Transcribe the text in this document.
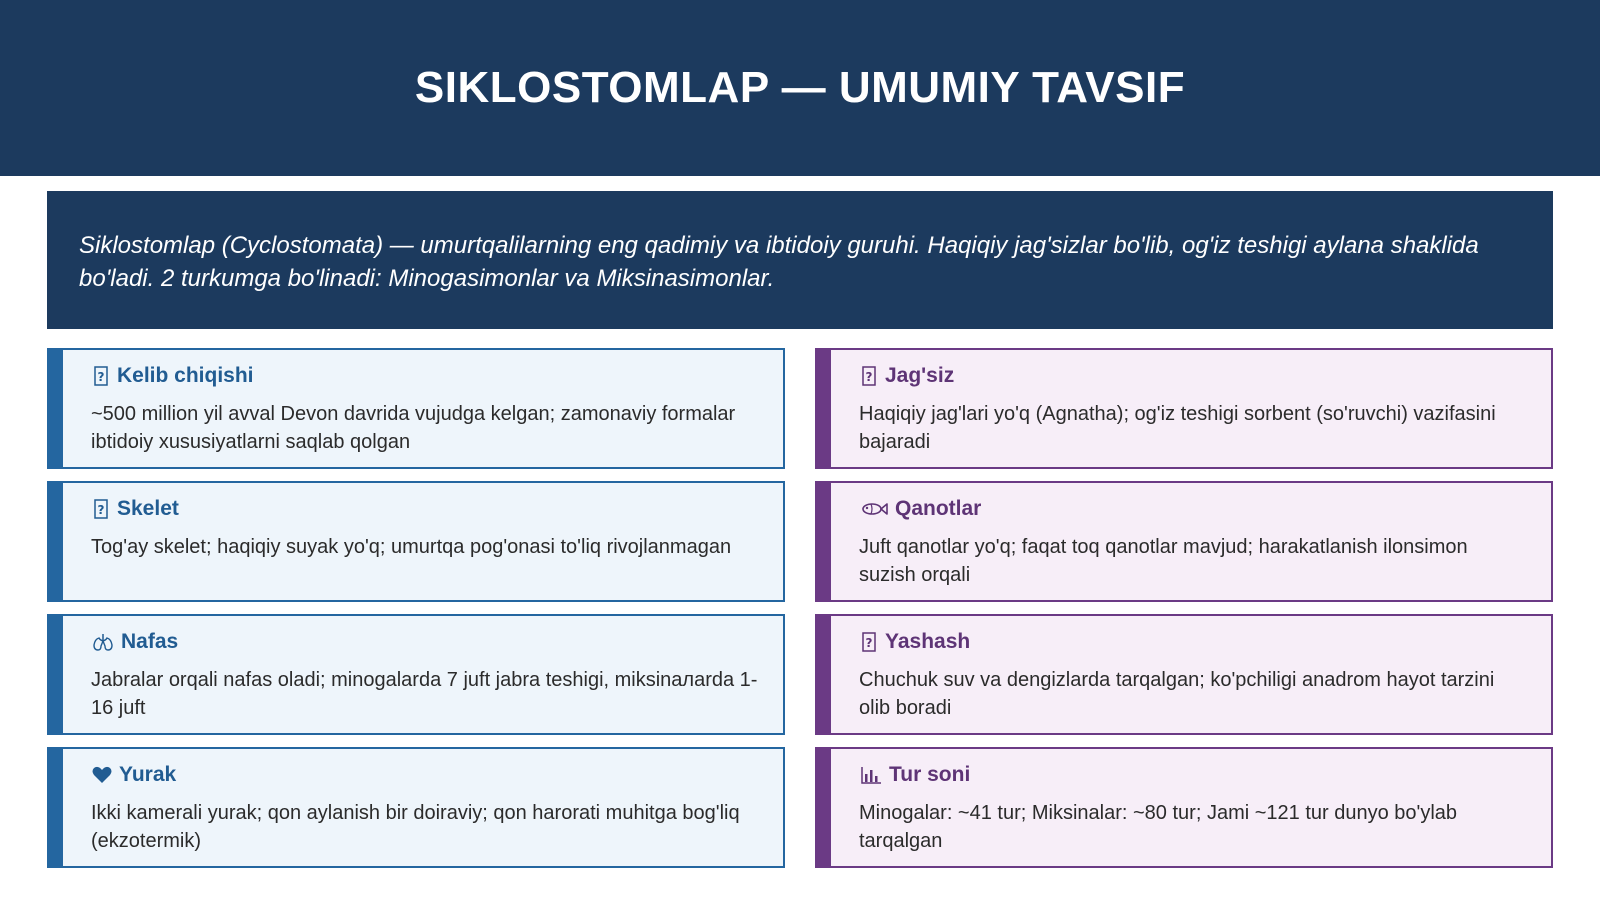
SIKLOSTOMLAP — UMUMIY TAVSIF

Siklostomlap (Cyclostomata) — umurtqalilarning eng qadimiy va ibtidoiy guruhi. Haqiqiy jag'sizlar bo'lib, og'iz teshigi aylana shaklida bo'ladi. 2 turkumga bo'linadi: Minogasimonlar va Miksinasimonlar.

? Kelib chiqishi

~500 million yil avval Devon davrida vujudga kelgan; zamonaviy formalar ibtidoiy xususiyatlarni saqlab qolgan

? Jag'siz

Haqiqiy jag'lari yo'q (Agnatha); og'iz teshigi sorbent (so'ruvchi) vazifasini bajaradi

? Skelet

Tog'ay skelet; haqiqiy suyak yo'q; umurtqa pog'onasi to'liq rivojlanmagan

Qanotlar

Juft qanotlar yo'q; faqat toq qanotlar mavjud; harakatlanish ilonsimon suzish orqali

Nafas

Jabralar orqali nafas oladi; minogalarda 7 juft jabra teshigi, miksinaлarda 1-16 juft

? Yashash

Chuchuk suv va dengizlarda tarqalgan; ko'pchiligi anadrom hayot tarzini olib boradi

Yurak

Ikki kamerali yurak; qon aylanish bir doiraviy; qon harorati muhitga bog'liq (ekzotermik)

Tur soni

Minogalar: ~41 tur; Miksinalar: ~80 tur; Jami ~121 tur dunyo bo'ylab tarqalgan
